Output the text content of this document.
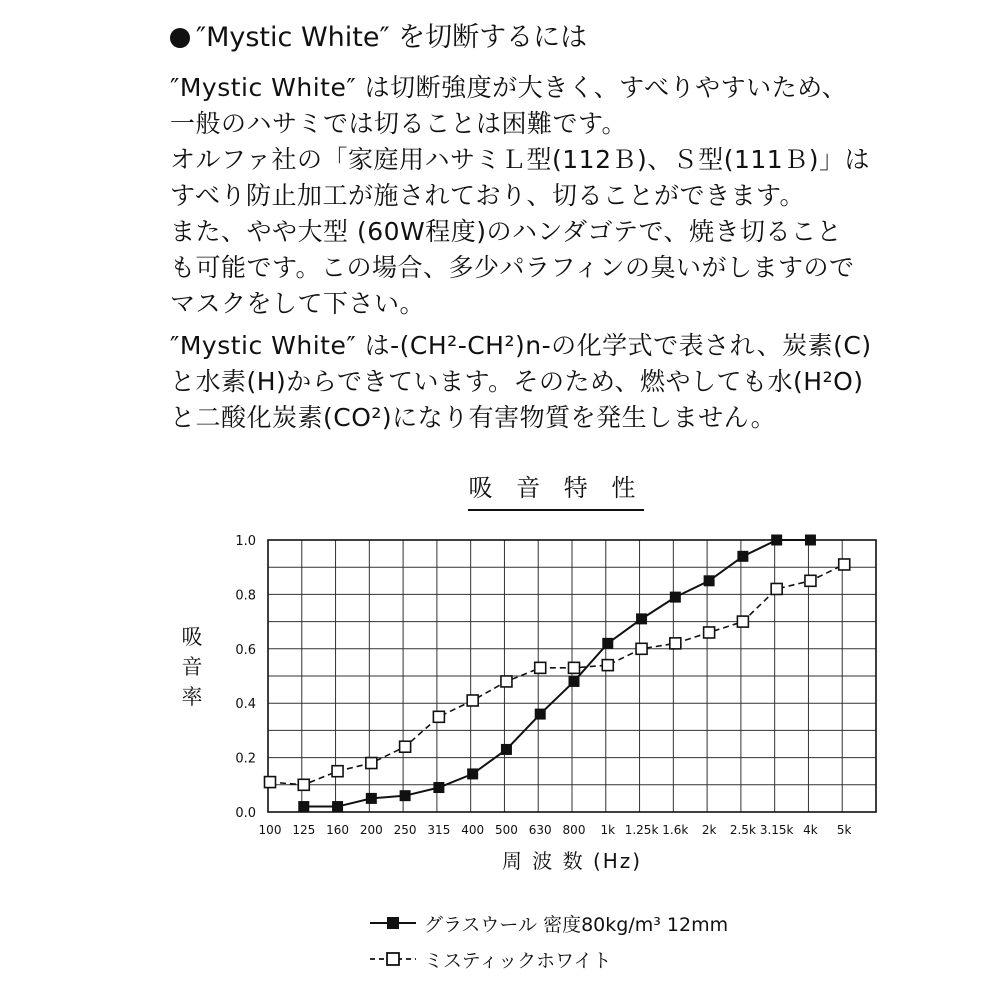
″Mystic White″ を切断するには
″Mystic White″ は切断強度が大きく、すべりやすいため、
一般のハサミでは切ることは困難です。
オルファ社の「家庭用ハサミＬ型(112Ｂ)、Ｓ型(111Ｂ)」は
すべり防止加工が施されており、切ることができます。
また、やや大型 (60W程度)のハンダゴテで、焼き切ること
も可能です。この場合、多少パラフィンの臭いがしますので
マスクをして下さい。
″Mystic White″ は-(CH²-CH²)n-の化学式で表され、炭素(C)
と水素(H)からできています。そのため、燃やしても水(H²O)
と二酸化炭素(CO²)になり有害物質を発生しません。
吸 音 特 性
吸
音
率
0.0
0.2
0.4
0.6
0.8
1.0
100 125 160 200 250 315 400 500 630 800 1k 1.25k 1.6k 2k 2.5k 3.15k 4k 5k
周 波 数 (Hz)
グラスウール 密度80kg/m³ 12mm
ミスティックホワイト
